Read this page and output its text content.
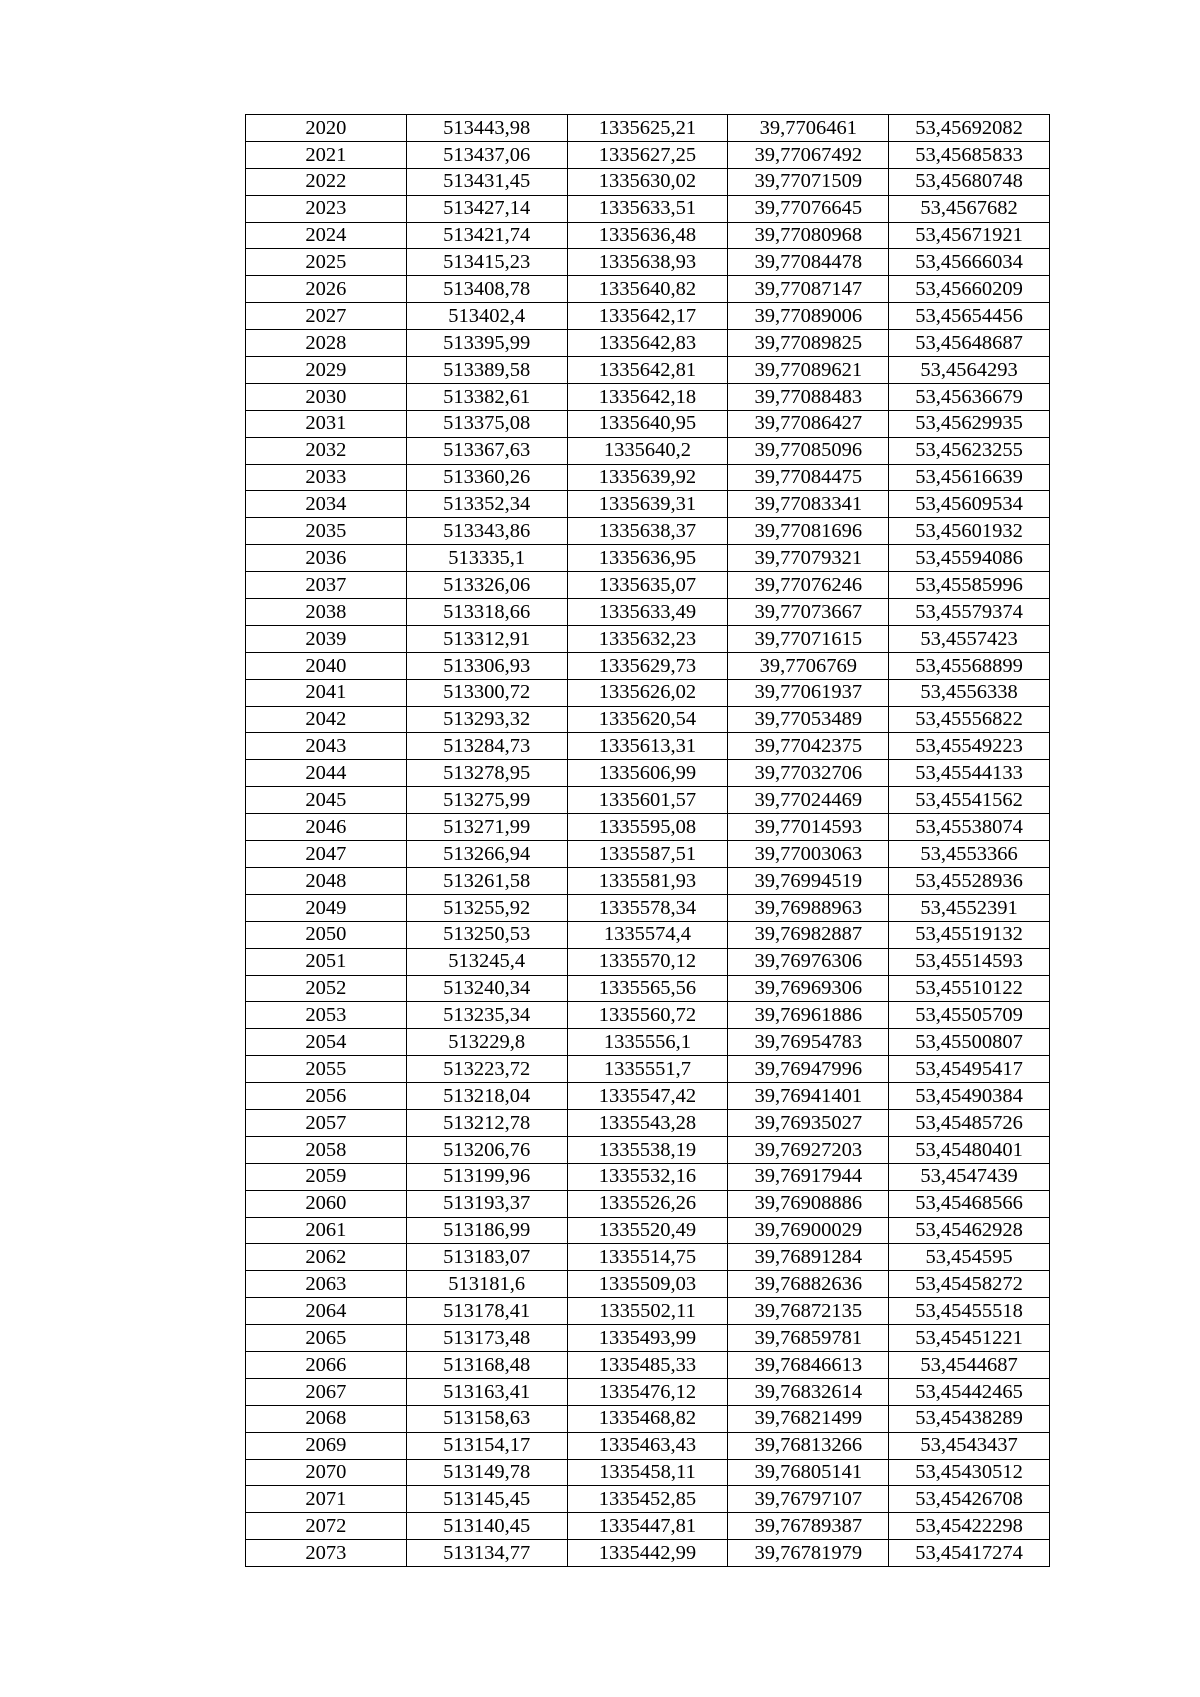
2020	513443,98	1335625,21	39,7706461	53,45692082
2021	513437,06	1335627,25	39,77067492	53,45685833
2022	513431,45	1335630,02	39,77071509	53,45680748
2023	513427,14	1335633,51	39,77076645	53,4567682
2024	513421,74	1335636,48	39,77080968	53,45671921
2025	513415,23	1335638,93	39,77084478	53,45666034
2026	513408,78	1335640,82	39,77087147	53,45660209
2027	513402,4	1335642,17	39,77089006	53,45654456
2028	513395,99	1335642,83	39,77089825	53,45648687
2029	513389,58	1335642,81	39,77089621	53,4564293
2030	513382,61	1335642,18	39,77088483	53,45636679
2031	513375,08	1335640,95	39,77086427	53,45629935
2032	513367,63	1335640,2	39,77085096	53,45623255
2033	513360,26	1335639,92	39,77084475	53,45616639
2034	513352,34	1335639,31	39,77083341	53,45609534
2035	513343,86	1335638,37	39,77081696	53,45601932
2036	513335,1	1335636,95	39,77079321	53,45594086
2037	513326,06	1335635,07	39,77076246	53,45585996
2038	513318,66	1335633,49	39,77073667	53,45579374
2039	513312,91	1335632,23	39,77071615	53,4557423
2040	513306,93	1335629,73	39,7706769	53,45568899
2041	513300,72	1335626,02	39,77061937	53,4556338
2042	513293,32	1335620,54	39,77053489	53,45556822
2043	513284,73	1335613,31	39,77042375	53,45549223
2044	513278,95	1335606,99	39,77032706	53,45544133
2045	513275,99	1335601,57	39,77024469	53,45541562
2046	513271,99	1335595,08	39,77014593	53,45538074
2047	513266,94	1335587,51	39,77003063	53,4553366
2048	513261,58	1335581,93	39,76994519	53,45528936
2049	513255,92	1335578,34	39,76988963	53,4552391
2050	513250,53	1335574,4	39,76982887	53,45519132
2051	513245,4	1335570,12	39,76976306	53,45514593
2052	513240,34	1335565,56	39,76969306	53,45510122
2053	513235,34	1335560,72	39,76961886	53,45505709
2054	513229,8	1335556,1	39,76954783	53,45500807
2055	513223,72	1335551,7	39,76947996	53,45495417
2056	513218,04	1335547,42	39,76941401	53,45490384
2057	513212,78	1335543,28	39,76935027	53,45485726
2058	513206,76	1335538,19	39,76927203	53,45480401
2059	513199,96	1335532,16	39,76917944	53,4547439
2060	513193,37	1335526,26	39,76908886	53,45468566
2061	513186,99	1335520,49	39,76900029	53,45462928
2062	513183,07	1335514,75	39,76891284	53,454595
2063	513181,6	1335509,03	39,76882636	53,45458272
2064	513178,41	1335502,11	39,76872135	53,45455518
2065	513173,48	1335493,99	39,76859781	53,45451221
2066	513168,48	1335485,33	39,76846613	53,4544687
2067	513163,41	1335476,12	39,76832614	53,45442465
2068	513158,63	1335468,82	39,76821499	53,45438289
2069	513154,17	1335463,43	39,76813266	53,4543437
2070	513149,78	1335458,11	39,76805141	53,45430512
2071	513145,45	1335452,85	39,76797107	53,45426708
2072	513140,45	1335447,81	39,76789387	53,45422298
2073	513134,77	1335442,99	39,76781979	53,45417274
